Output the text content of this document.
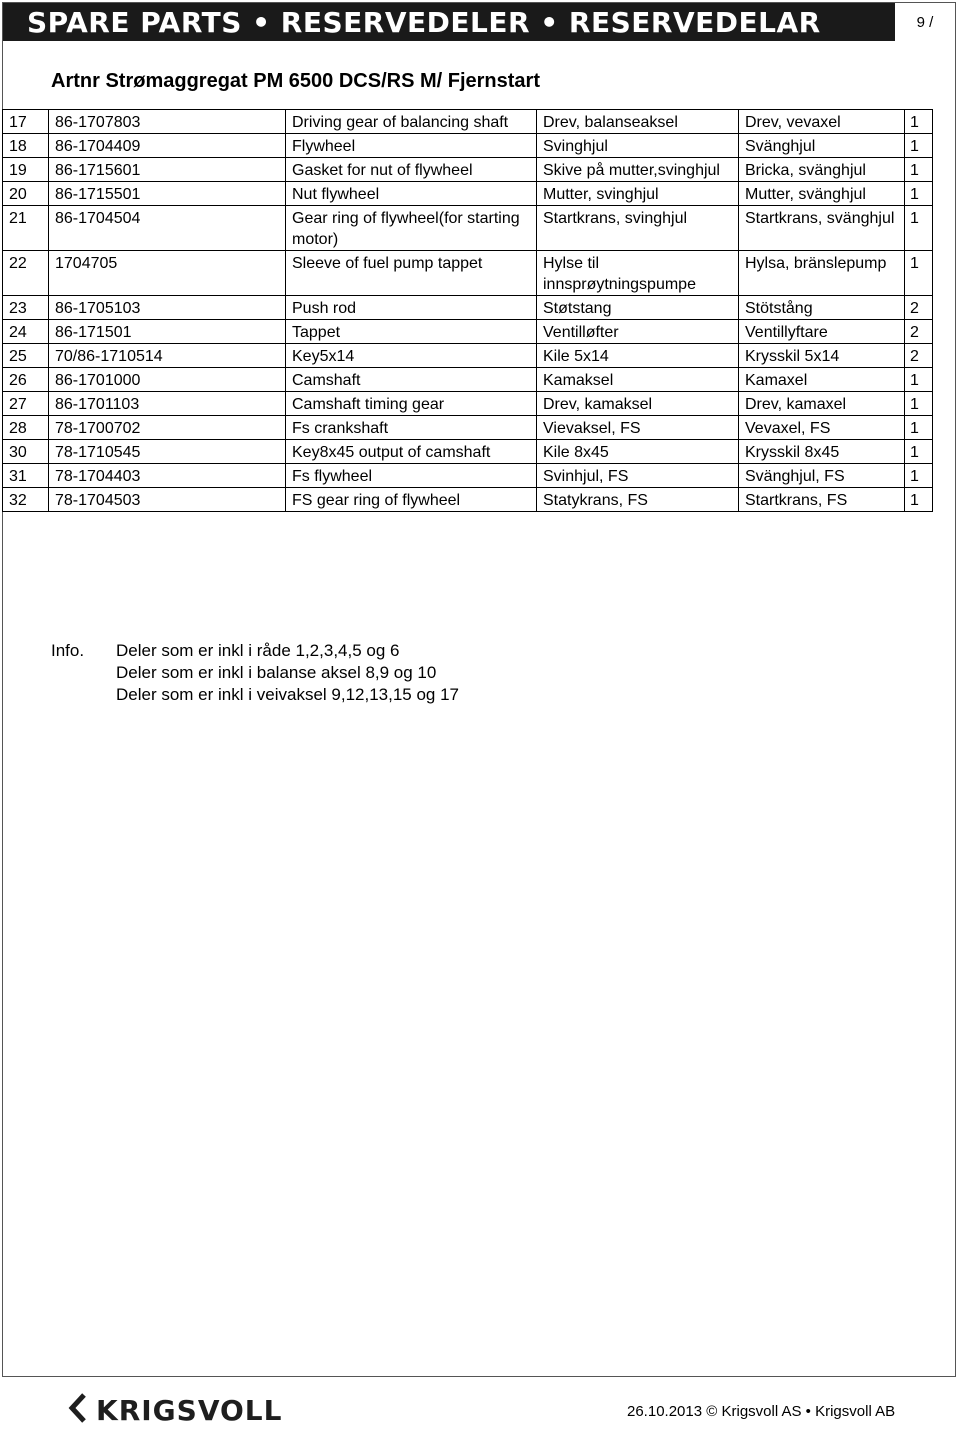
SPARE PARTS • RESERVEDELER • RESERVEDELAR	9 /
Artnr Strømaggregat PM 6500 DCS/RS M/ Fjernstart
17	86-1707803	Driving gear of balancing shaft	Drev, balanseaksel	Drev, vevaxel	1
18	86-1704409	Flywheel	Svinghjul	Svänghjul	1
19	86-1715601	Gasket for nut of flywheel	Skive på mutter,svinghjul	Bricka, svänghjul	1
20	86-1715501	Nut flywheel	Mutter, svinghjul	Mutter, svänghjul	1
21	86-1704504	Gear ring of flywheel(for starting motor)	Startkrans, svinghjul	Startkrans, svänghjul	1
22	1704705	Sleeve of fuel pump tappet	Hylse til innsprøytningspumpe	Hylsa, bränslepump	1
23	86-1705103	Push rod	Støtstang	Stötstång	2
24	86-171501	Tappet	Ventilløfter	Ventillyftare	2
25	70/86-1710514	Key5x14	Kile 5x14	Krysskil 5x14	2
26	86-1701000	Camshaft	Kamaksel	Kamaxel	1
27	86-1701103	Camshaft timing gear	Drev, kamaksel	Drev, kamaxel	1
28	78-1700702	Fs crankshaft	Vievaksel, FS	Vevaxel, FS	1
30	78-1710545	Key8x45 output of camshaft	Kile 8x45	Krysskil 8x45	1
31	78-1704403	Fs flywheel	Svinhjul, FS	Svänghjul, FS	1
32	78-1704503	FS gear ring of flywheel	Statykrans, FS	Startkrans, FS	1
Info. Deler som er inkl i råde 1,2,3,4,5 og 6
Deler som er inkl i balanse aksel 8,9 og 10
Deler som er inkl i veivaksel 9,12,13,15 og 17
KRIGSVOLL	26.10.2013 © Krigsvoll AS • Krigsvoll AB
